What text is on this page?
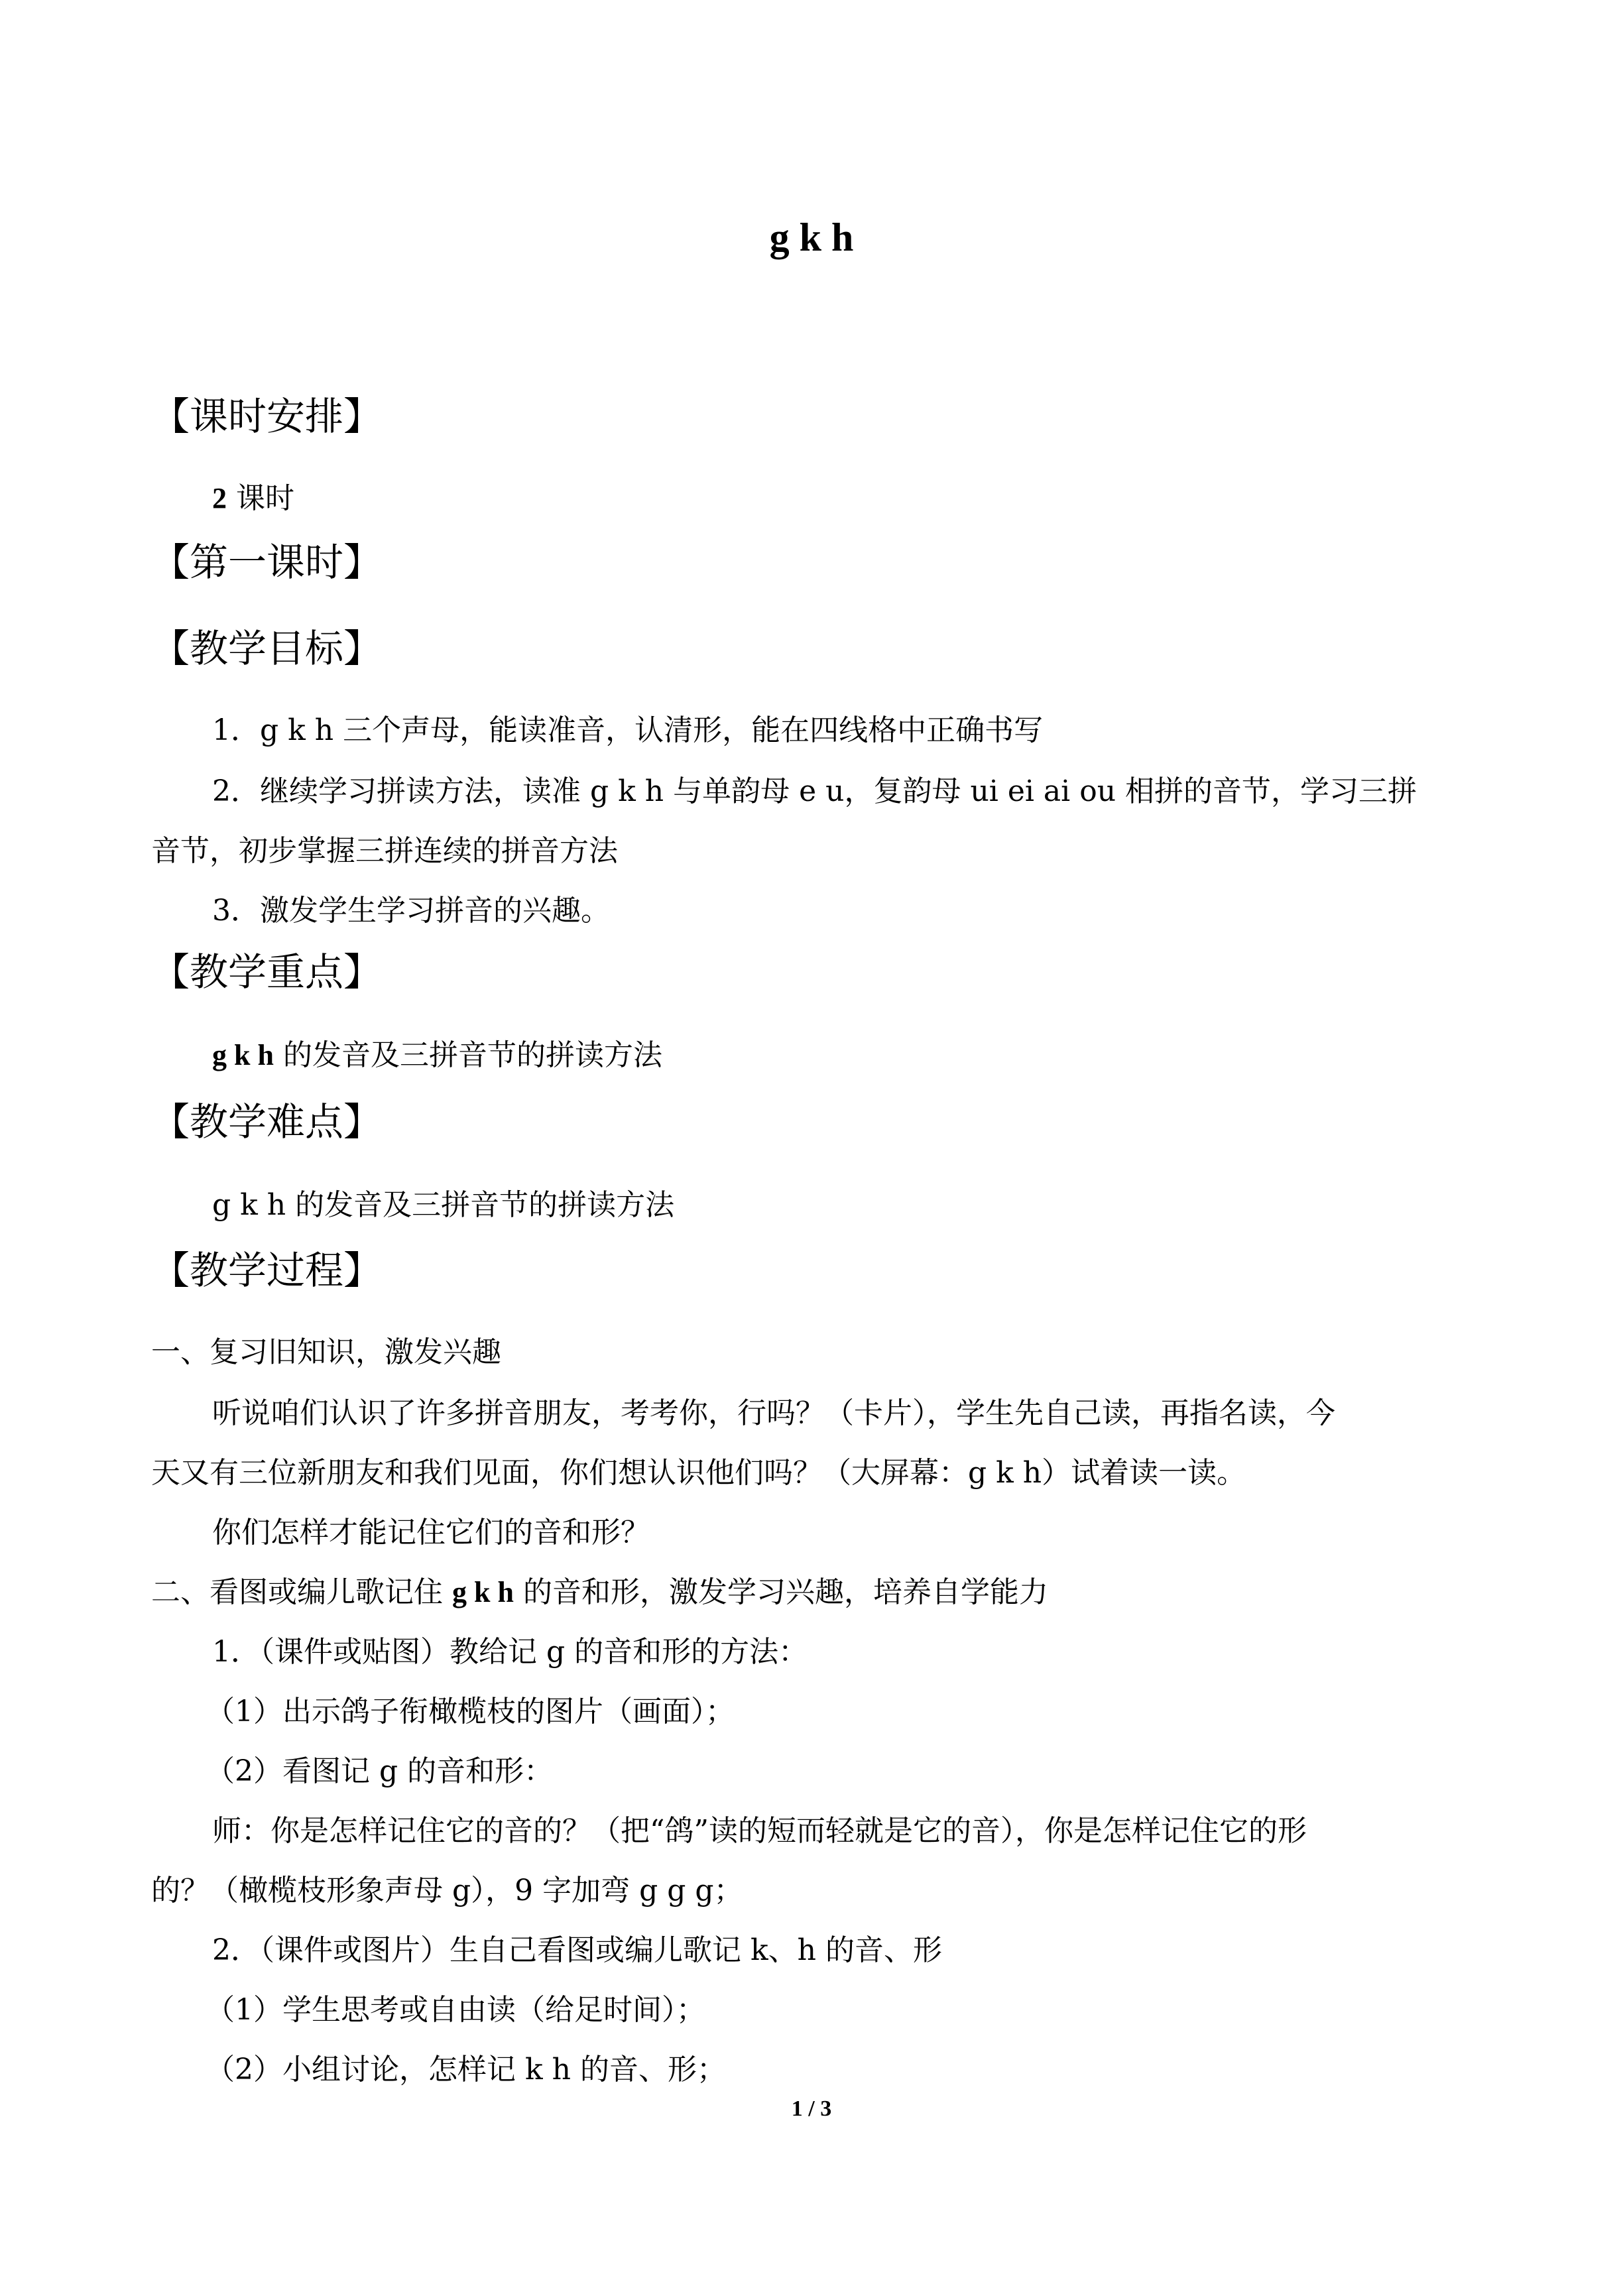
g k h
【课时安排】
2 课时
【第一课时】
【教学目标】
1．g k h 三个声母，能读准音，认清形，能在四线格中正确书写
2．继续学习拼读方法，读准 g k h 与单韵母 e u，复韵母 ui ei ai ou 相拼的音节，学习三拼
音节，初步掌握三拼连续的拼音方法
3．激发学生学习拼音的兴趣。
【教学重点】
g k h 的发音及三拼音节的拼读方法
【教学难点】
g k h 的发音及三拼音节的拼读方法
【教学过程】
一、复习旧知识，激发兴趣
听说咱们认识了许多拼音朋友，考考你，行吗？（卡片），学生先自己读，再指名读，今
天又有三位新朋友和我们见面，你们想认识他们吗？（大屏幕：g k h）试着读一读。
你们怎样才能记住它们的音和形？
二、看图或编儿歌记住 g k h 的音和形，激发学习兴趣，培养自学能力
1．（课件或贴图）教给记 g 的音和形的方法：
（1）出示鸽子衔橄榄枝的图片（画面）；
（2）看图记 g 的音和形：
师：你是怎样记住它的音的？（把“鸽”读的短而轻就是它的音），你是怎样记住它的形
的？（橄榄枝形象声母 g），9 字加弯 g g g；
2．（课件或图片）生自己看图或编儿歌记 k、h 的音、形
（1）学生思考或自由读（给足时间）；
（2）小组讨论，怎样记 k h 的音、形；
1 / 3
